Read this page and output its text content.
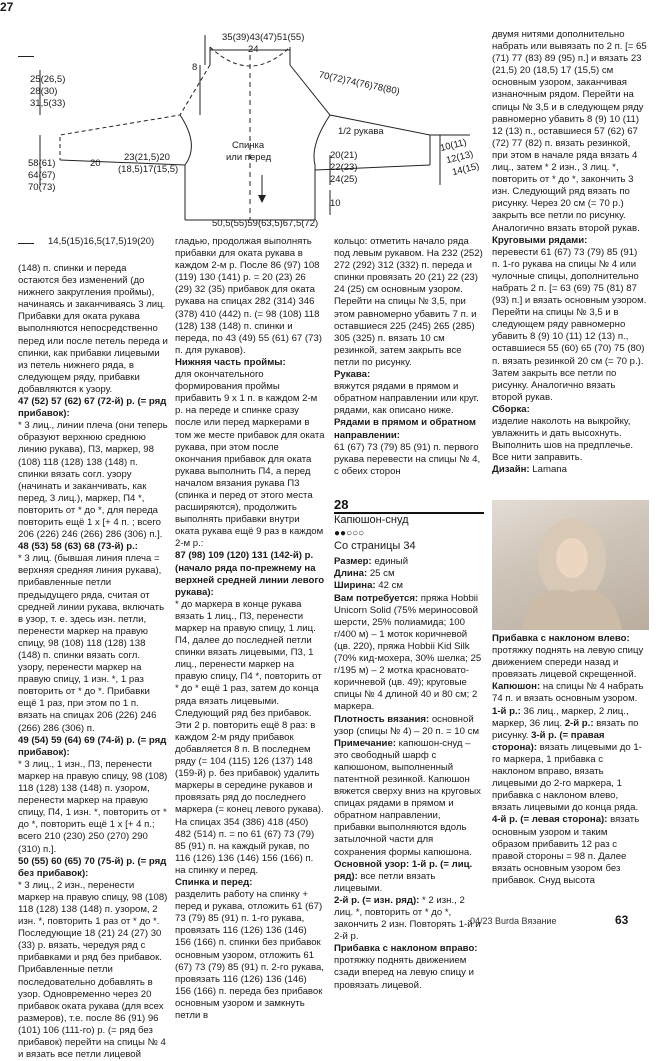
27
35(39)43(47)51(55)
24
8
25(26,5)
28(30)
31,5(33)
58(61)
64(67)
70(73)
20
23(21,5)20
(18,5)17(15,5)
70(72)74(76)78(80)
1/2 рукава
Спинка
или перед	20(21)
22(23)
24(25)
10
10(11)
12(13)
14(15)
14,5(15)16,5(17,5)19(20)
50,5(55)59(63,5)67,5(72)

(148) п. спинки и переда остаются без изменений (до нижнего закругления проймы), начинаясь и заканчиваясь 3 лиц. Прибавки для оката рукава выполняются непосредственно перед или после петель переда и спинки, как прибавки лицевыми из петель нижнего ряда, в следующем ряду, прибавки добавляются к узору.

47 (52) 57 (62) 67 (72-й) р. (= ряд прибавок):

* 3 лиц., линии плеча (они теперь образуют верхнюю среднюю линию рукава), П3, маркер, 98 (108) 118 (128) 138 (148) п. спинки вязать согл. узору (начинать и заканчивать, как перед, 3 лиц.), маркер, П4 *, повторить от * до *, для переда повторить ещё 1 х [+ 4 п. ; всего 206 (226) 246 (266) 286 (306) п.].

48 (53) 58 (63) 68 (73-й) р.:

* 3 лиц. (бывшая линия плеча = верхняя средняя линия рукава), прибавленные петли предыдущего ряда, считая от средней линии рукава, включать в узор, т. е. здесь изн. петли, перенести маркер на правую спицу, 98 (108) 118 (128) 138 (148) п. спинки вязать согл. узору, перенести маркер на правую спицу, 1 изн. *, 1 раз повторить от * до *. Прибавки ещё 1 раз, при этом по 1 п. вязать на спицах 206 (226) 246 (266) 286 (306) п.

49 (54) 59 (64) 69 (74-й) р. (= ряд прибавок):

* 3 лиц., 1 изн., П3, перенести маркер на правую спицу, 98 (108) 118 (128) 138 (148) п. узором, перенести маркер на правую спицу, П4, 1 изн. *, повторить от * до *, повторить ещё 1 х [+ 4 п.; всего 210 (230) 250 (270) 290 (310) п.].

50 (55) 60 (65) 70 (75-й) р. (= ряд без прибавок):

* 3 лиц., 2 изн., перенести маркер на правую спицу, 98 (108) 118 (128) 138 (148) п. узором, 2 изн. *, повторить 1 раз от * до *. Последующие 18 (21) 24 (27) 30 (33) р. вязать, чередуя ряд с прибавками и ряд без прибавок. Прибавленные петли последовательно добавлять в узор. Одновременно через 20 прибавок оката рукава (для всех размеров), т.е. после 86 (91) 96 (101) 106 (111-го) р. (= ряд без прибавок) перейти на спицы № 4 и вязать все петли лицевой

гладью, продолжая выполнять прибавки для оката рукава в каждом 2-м р. После 86 (97) 108 (119) 130 (141) р. = 20 (23) 26 (29) 32 (35) прибавок для оката рукава на спицах 282 (314) 346 (378) 410 (442) п. (= 98 (108) 118 (128) 138 (148) п. спинки и переда, по 43 (49) 55 (61) 67 (73) п. для рукавов).

Нижняя часть проймы:

для окончательного формирования проймы прибавить 9 х 1 п. в каждом 2-м р. на переде и спинке сразу после или перед маркерами в том же месте прибавок для оката рукава, при этом после окончания прибавок для оката рукава выполнить П4, а перед началом вязания рукава П3 (спинка и перед от этого места расширяются), продолжить выполнять прибавки внутри оката рукава ещё 9 раз в каждом 2-м р.:

87 (98) 109 (120) 131 (142-й) р. (начало ряда по-прежнему на верхней средней линии левого рукава):

* до маркера в конце рукава вязать 1 лиц., П3, перенести маркер на правую спицу, 1 лиц. П4, далее до последней петли спинки вязать лицевыми, П3, 1 лиц., перенести маркер на правую спицу, П4 *, повторить от * до * ещё 1 раз, затем до конца ряда вязать лицевыми. Следующий ряд без прибавок. Эти 2 р. повторить ещё 8 раз: в каждом 2-м ряду прибавок добавляется 8 п. В последнем ряду (= 104 (115) 126 (137) 148 (159-й) р. без прибавок) удалить маркеры в середине рукавов и провязать ряд до последнего маркера (= конец левого рукава). На спицах 354 (386) 418 (450) 482 (514) п. = по 61 (67) 73 (79) 85 (91) п. на каждый рукав, по 116 (126) 136 (146) 156 (166) п. на спинку и перед.

Спинка и перед:

разделить работу на спинку + перед и рукава, отложить 61 (67) 73 (79) 85 (91) п. 1-го рукава, провязать 116 (126) 136 (146) 156 (166) п. спинки без прибавок основным узором, отложить 61 (67) 73 (79) 85 (91) п. 2-го рукава, провязать 116 (126) 136 (146) 156 (166) п. переда без прибавок основным узором и замкнуть петли в

кольцо: отметить начало ряда под левым рукавом. На 232 (252) 272 (292) 312 (332) п. переда и спинки провязать 20 (21) 22 (23) 24 (25) см основным узором. Перейти на спицы № 3,5, при этом равномерно убавить 7 п. и оставшиеся 225 (245) 265 (285) 305 (325) п. вязать 10 см резинкой, затем закрыть все петли по рисунку.

Рукава:

вяжутся рядами в прямом и обратном направлении или круг. рядами, как описано ниже.

Рядами в прямом и обратном направлении:

61 (67) 73 (79) 85 (91) п. первого рукава перевести на спицы № 4, с обеих сторон

двумя нитями дополнительно набрать или вывязать по 2 п. [= 65 (71) 77 (83) 89 (95) п.] и вязать 23 (21,5) 20 (18,5) 17 (15,5) см основным узором, заканчивая изнаночным рядом. Перейти на спицы № 3,5 и в следующем ряду равномерно убавить 8 (9) 10 (11) 12 (13) п., оставшиеся 57 (62) 67 (72) 77 (82) п. вязать резинкой, при этом в начале ряда вязать 4 лиц., затем * 2 изн., 3 лиц. *, повторить от * до *, закончить 3 изн. Следующий ряд вязать по рисунку. Через 20 см (= 70 р.) закрыть все петли по рисунку. Аналогично вязать второй рукав.

Круговыми рядами:

перевести 61 (67) 73 (79) 85 (91) п. 1-го рукава на спицы № 4 или чулочные спицы, дополнительно набрать 2 п. [= 63 (69) 75 (81) 87 (93) п.] и вязать основным узором.

Перейти на спицы № 3,5 и в следующем ряду равномерно убавить 8 (9) 10 (11) 12 (13) п., оставшиеся 55 (60) 65 (70) 75 (80) п. вязать резинкой 20 см (= 70 р.). Затем закрыть все петли по рисунку. Аналогично вязать второй рукав.

Сборка:

изделие наколоть на выкройку, увлажнить и дать высохнуть. Выполнить шов на предплечье. Все нити заправить.

Дизайн: Lamana

28

Капюшон-снуд

●●○○○

Со страницы 34

Размер: единый

Длина: 25 см

Ширина: 42 см

Вам потребуется: пряжа Hobbii Unicorn Solid (75% мериносовой шерсти, 25% полиамида; 100 г/400 м) – 1 моток коричневой (цв. 220), пряжа Hobbii Kid Silk (70% кид-мохера, 30% шелка; 25 г/195 м) – 2 мотка красновато-коричневой (цв. 49); круговые спицы № 4 длиной 40 и 80 см; 2 маркера.

Плотность вязания: основной узор (спицы № 4) – 20 п. = 10 см

Примечание: капюшон-снуд – это свободный шарф с капюшоном, выполненный патентной резинкой. Капюшон вяжется сверху вниз на круговых спицах рядами в прямом и обратном направлении, прибавки выполняются вдоль затылочной части для сохранения формы капюшона.

Основной узор: 1-й р. (= лиц. ряд): все петли вязать лицевыми.

2-й р. (= изн. ряд): * 2 изн., 2 лиц. *, повторить от * до *, закончить 2 изн. Повторять 1-й и 2-й р.

Прибавка с наклоном вправо: протяжку поднять движением сзади вперед на левую спицу и провязать лицевой.

Прибавка с наклоном влево: протяжку поднять на левую спицу движением спереди назад и провязать лицевой скрещенной.

Капюшон: на спицы № 4 набрать 74 п. и вязать основным узором. 1-й р.: 36 лиц., маркер, 2 лиц., маркер, 36 лиц. 2-й р.: вязать по рисунку. 3-й р. (= правая сторона): вязать лицевыми до 1-го маркера, 1 прибавка с наклоном вправо, вязать лицевыми до 2-го маркера, 1 прибавка с наклоном влево, вязать лицевыми до конца ряда. 4-й р. (= левая сторона): вязать основным узором и таким образом прибавить 12 раз с правой стороны = 98 п. Далее вязать основным узором без прибавок. Снуд высота

04/23 Burda Вязание	63
